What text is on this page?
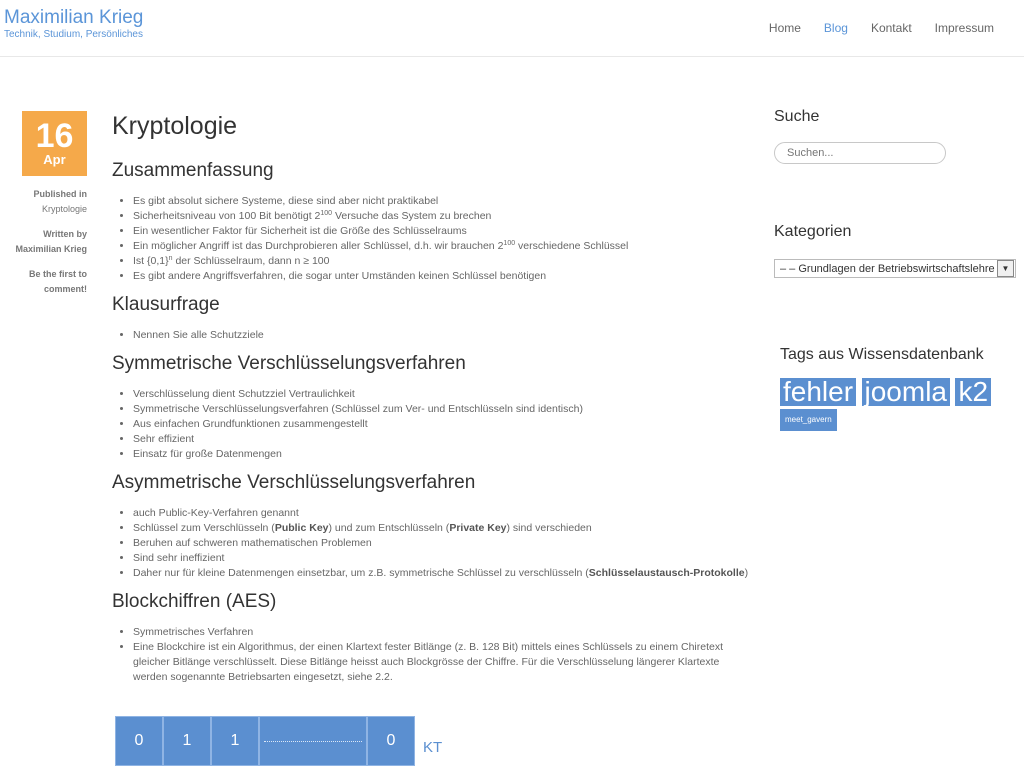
Maximilian Krieg
Technik, Studium, Persönliches	Home Blog Kontakt Impressum
16
Apr
Published in
Kryptologie
Written by
Maximilian Krieg
Be the first to comment!
Kryptologie
Zusammenfassung
• Es gibt absolut sichere Systeme, diese sind aber nicht praktikabel
• Sicherheitsniveau von 100 Bit benötigt $2^{100}$ Versuche das System zu brechen
• Ein wesentlicher Faktor für Sicherheit ist die Größe des Schlüsselraums
• Ein möglicher Angriff ist das Durchprobieren aller Schlüssel, d.h. wir brauchen $2^{100}$ verschiedene Schlüssel
• Ist $\{0,1\}^n$ der Schlüsselraum, dann n ≥ 100
• Es gibt andere Angriffsverfahren, die sogar unter Umständen keinen Schlüssel benötigen
Klausurfrage
• Nennen Sie alle Schutzziele
Symmetrische Verschlüsselungsverfahren
• Verschlüsselung dient Schutzziel Vertraulichkeit
• Symmetrische Verschlüsselungsverfahren (Schlüssel zum Ver- und Entschlüsseln sind identisch)
• Aus einfachen Grundfunktionen zusammengestellt
• Sehr effizient
• Einsatz für große Datenmengen
Asymmetrische Verschlüsselungsverfahren
• auch Public-Key-Verfahren genannt
• Schlüssel zum Verschlüsseln (Public Key) und zum Entschlüsseln (Private Key) sind verschieden
• Beruhen auf schweren mathematischen Problemen
• Sind sehr ineffizient
• Daher nur für kleine Datenmengen einsetzbar, um z.B. symmetrische Schlüssel zu verschlüsseln (Schlüsselaustausch-Protokolle)
Blockchiffren (AES)
• Symmetrisches Verfahren
• Eine Blockchire ist ein Algorithmus, der einen Klartext fester Bitlänge (z. B. 128 Bit) mittels eines Schlüssels zu einem Chiretext gleicher Bitlänge verschlüsselt. Diese Bitlänge heisst auch Blockgrösse der Chiffre. Für die Verschlüsselung längerer Klartexte werden sogenannte Betriebsarten eingesetzt, siehe 2.2.
0	1	1	0	KT
Suche
Suchen...
Kategorien
– – Grundlagen der Betriebswirtschaftslehre ▼
Tags aus Wissensdatenbank
fehler joomla k2 meet_gavern
